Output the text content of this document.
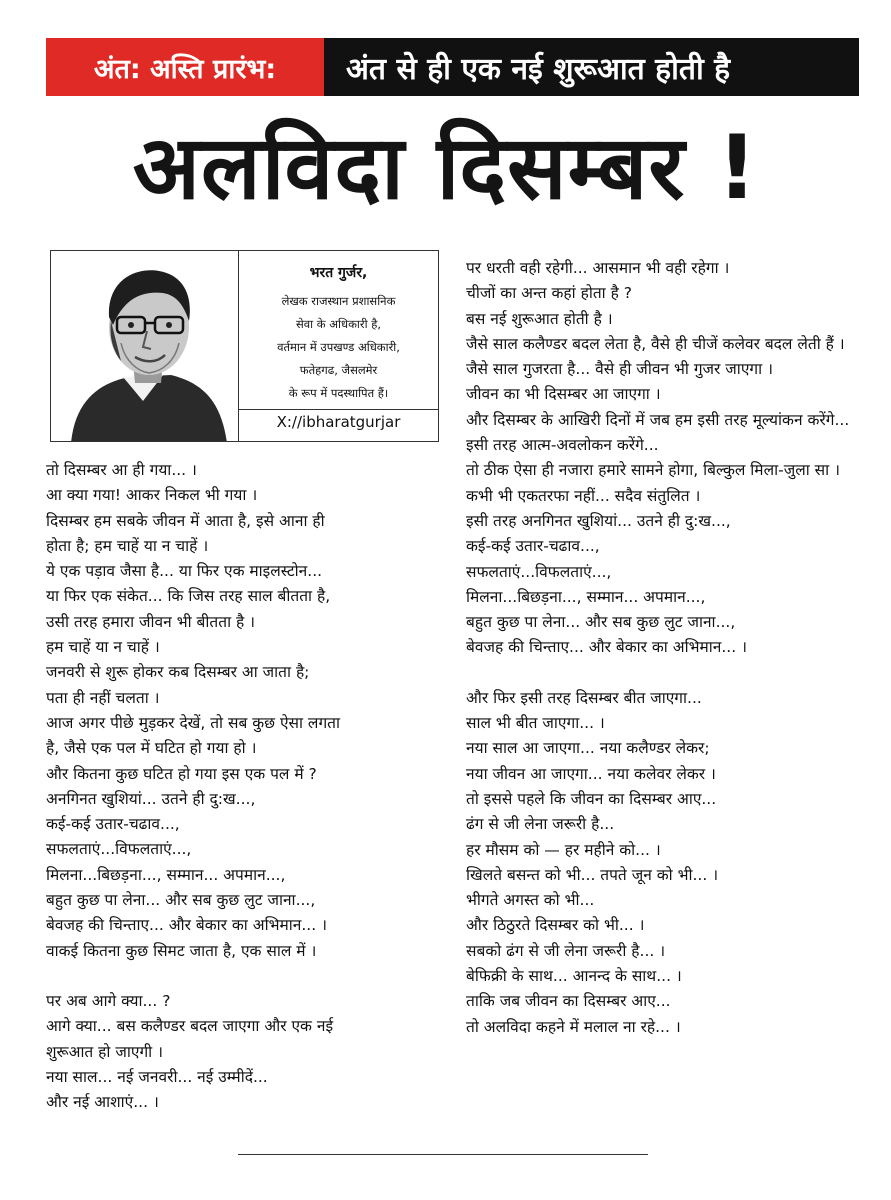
अंत: अस्ति प्रारंभ:	अंत से ही एक नई शुरूआत होती है
अलविदा दिसम्बर !
भरत गुर्जर,
लेखक राजस्थान प्रशासनिक
सेवा के अधिकारी है,
वर्तमान में उपखण्ड अधिकारी,
फतेहगढ, जैसलमेर
के रूप में पदस्थापित हैं।
X://ibharatgurjar

तो दिसम्बर आ ही गया... ।

आ क्या गया! आकर निकल भी गया ।

दिसम्बर हम सबके जीवन में आता है, इसे आना ही

होता है; हम चाहें या न चाहें ।

ये एक पड़ाव जैसा है... या फिर एक माइलस्टोन...

या फिर एक संकेत... कि जिस तरह साल बीतता है,

उसी तरह हमारा जीवन भी बीतता है ।

हम चाहें या न चाहें ।

जनवरी से शुरू होकर कब दिसम्बर आ जाता है;

पता ही नहीं चलता ।

आज अगर पीछे मुड़कर देखें, तो सब कुछ ऐसा लगता

है, जैसे एक पल में घटित हो गया हो ।

और कितना कुछ घटित हो गया इस एक पल में ?

अनगिनत खुशियां... उतने ही दु:ख...,

कई-कई उतार-चढाव...,

सफलताएं...विफलताएं...,

मिलना...बिछड़ना..., सम्मान... अपमान...,

बहुत कुछ पा लेना... और सब कुछ लुट जाना...,

बेवजह की चिन्ताए... और बेकार का अभिमान... ।

वाकई कितना कुछ सिमट जाता है, एक साल में ।

पर अब आगे क्या... ?

आगे क्या... बस कलैण्डर बदल जाएगा और एक नई

शुरूआत हो जाएगी ।

नया साल... नई जनवरी... नई उम्मीदें...

और नई आशाएं... ।

पर धरती वही रहेगी... आसमान भी वही रहेगा ।

चीजों का अन्त कहां होता है ?

बस नई शुरूआत होती है ।

जैसे साल कलैण्डर बदल लेता है, वैसे ही चीजें कलेवर बदल लेती हैं ।

जैसे साल गुजरता है... वैसे ही जीवन भी गुजर जाएगा ।

जीवन का भी दिसम्बर आ जाएगा ।

और दिसम्बर के आखिरी दिनों में जब हम इसी तरह मूल्यांकन करेंगे...

इसी तरह आत्म-अवलोकन करेंगे...

तो ठीक ऐसा ही नजारा हमारे सामने होगा, बिल्कुल मिला-जुला सा ।

कभी भी एकतरफा नहीं... सदैव संतुलित ।

इसी तरह अनगिनत खुशियां... उतने ही दु:ख...,

कई-कई उतार-चढाव...,

सफलताएं...विफलताएं...,

मिलना...बिछड़ना..., सम्मान... अपमान...,

बहुत कुछ पा लेना... और सब कुछ लुट जाना...,

बेवजह की चिन्ताए... और बेकार का अभिमान... ।

और फिर इसी तरह दिसम्बर बीत जाएगा...

साल भी बीत जाएगा... ।

नया साल आ जाएगा... नया कलैण्डर लेकर;

नया जीवन आ जाएगा... नया कलेवर लेकर ।

तो इससे पहले कि जीवन का दिसम्बर आए...

ढंग से जी लेना जरूरी है...

हर मौसम को — हर महीने को... ।

खिलते बसन्त को भी... तपते जून को भी... ।

भीगते अगस्त को भी...

और ठिठुरते दिसम्बर को भी... ।

सबको ढंग से जी लेना जरूरी है... ।

बेफिक्री के साथ... आनन्द के साथ... ।

ताकि जब जीवन का दिसम्बर आए...

तो अलविदा कहने में मलाल ना रहे... ।
